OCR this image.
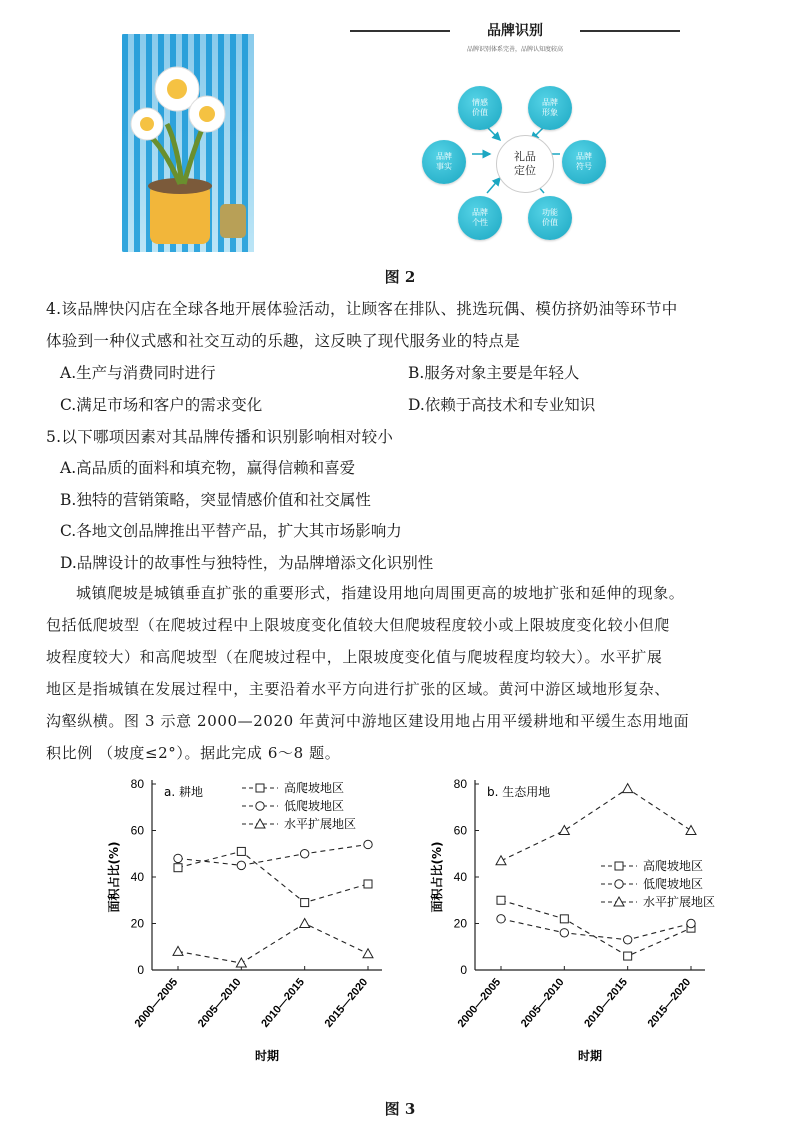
品牌识别
品牌识别体系完善，品牌认知度较高
情感价值
品牌形象
品牌符号
功能价值
品牌个性
品牌事实
礼品定位
图 2
4.该品牌快闪店在全球各地开展体验活动，让顾客在排队、挑选玩偶、模仿挤奶油等环节中
体验到一种仪式感和社交互动的乐趣，这反映了现代服务业的特点是
A.生产与消费同时进行	B.服务对象主要是年轻人
C.满足市场和客户的需求变化	D.依赖于高技术和专业知识
5.以下哪项因素对其品牌传播和识别影响相对较小
A.高品质的面料和填充物，赢得信赖和喜爱
B.独特的营销策略，突显情感价值和社交属性
C.各地文创品牌推出平替产品，扩大其市场影响力
D.品牌设计的故事性与独特性，为品牌增添文化识别性
城镇爬坡是城镇垂直扩张的重要形式，指建设用地向周围更高的坡地扩张和延伸的现象。
包括低爬坡型（在爬坡过程中上限坡度变化值较大但爬坡程度较小或上限坡度变化较小但爬
坡程度较大）和高爬坡型（在爬坡过程中，上限坡度变化值与爬坡程度均较大）。水平扩展
地区是指城镇在发展过程中，主要沿着水平方向进行扩张的区域。黄河中游区域地形复杂、
沟壑纵横。图 3 示意 2000—2020 年黄河中游地区建设用地占用平缓耕地和平缓生态用地面
积比例 （坡度≤2°）。据此完成 6～8 题。
0
20
40
60
80
2000—2005 2005—2010 2010—2015 2015—2020
a. 耕地
面积占比(%)
时期
高爬坡地区
低爬坡地区
水平扩展地区
0
20
40
60
80
2000—2005 2005—2010 2010—2015 2015—2020
b. 生态用地
面积占比(%)
时期
高爬坡地区
低爬坡地区
水平扩展地区
图 3
